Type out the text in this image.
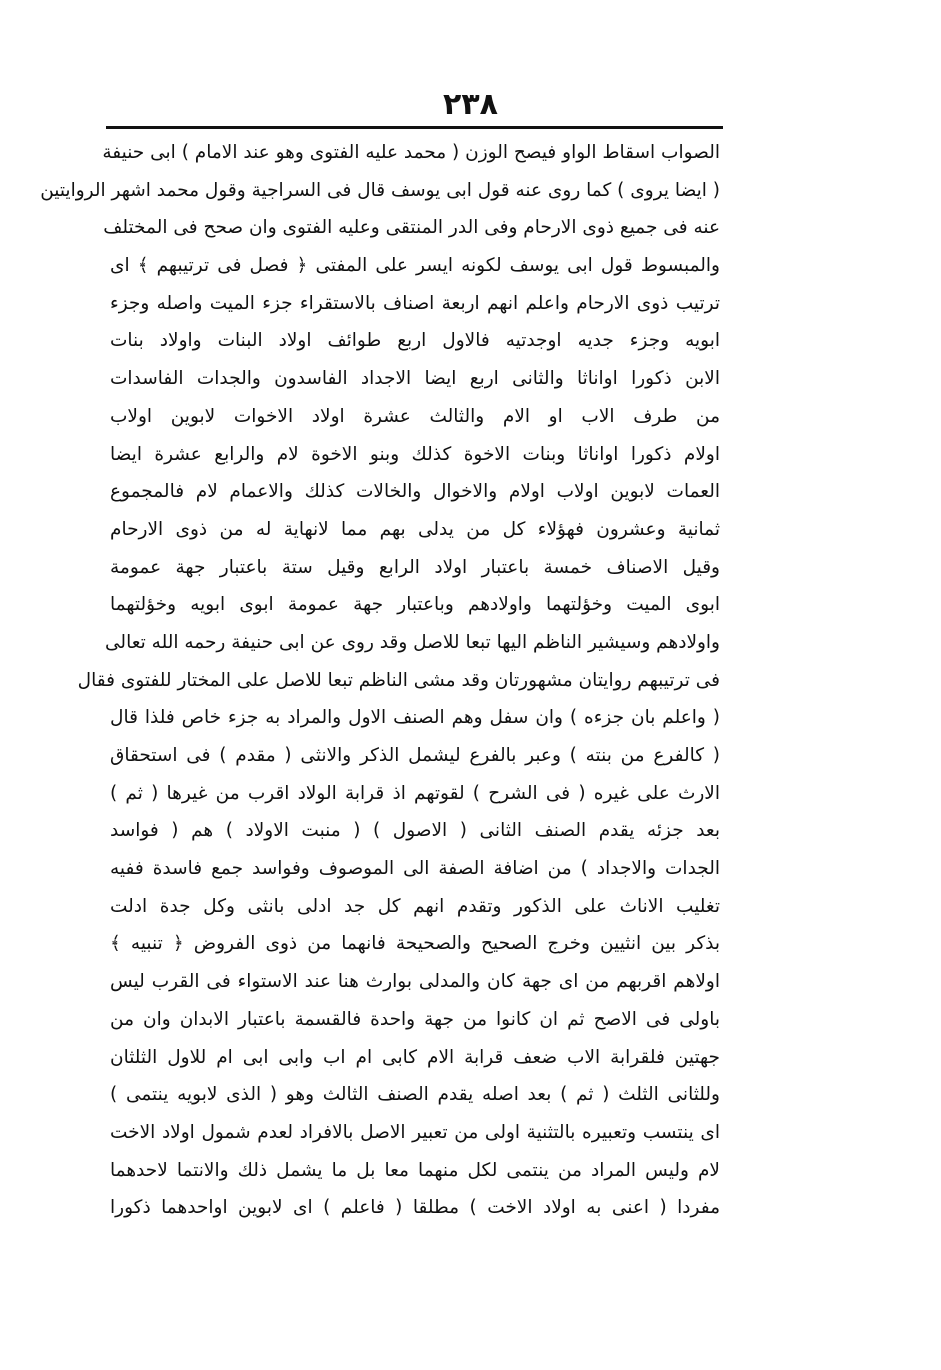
٢٣٨
الصواب اسقاط الواو فيصح الوزن ( محمد عليه الفتوى وهو عند الامام ) ابى حنيفة
( ايضا يروى ) كما روى عنه قول ابى يوسف قال فى السراجية وقول محمد اشهر الروايتين
عنه فى جميع ذوى الارحام وفى الدر المنتقى وعليه الفتوى وان صحح فى المختلف
والمبسوط قول ابى يوسف لكونه ايسر على المفتى ﴿ فصل فى ترتيبهم ﴾ اى
ترتيب ذوى الارحام واعلم انهم اربعة اصناف بالاستقراء جزء الميت واصله وجزء
ابويه وجزء جديه اوجدتيه فالاول اربع طوائف اولاد البنات واولاد بنات
الابن ذكورا اواناثا والثانى اربع ايضا الاجداد الفاسدون والجدات الفاسدات
من طرف الاب او الام والثالث عشرة اولاد الاخوات لابوين اولاب
اولام ذكورا اواناثا وبنات الاخوة كذلك وبنو الاخوة لام والرابع عشرة ايضا
العمات لابوين اولاب اولام والاخوال والخالات كذلك والاعمام لام فالمجموع
ثمانية وعشرون فهؤلاء كل من يدلى بهم مما لانهاية له من ذوى الارحام
وقيل الاصناف خمسة باعتبار اولاد الرابع وقيل ستة باعتبار جهة عمومة
ابوى الميت وخؤلتهما واولادهم وباعتبار جهة عمومة ابوى ابويه وخؤلتهما
واولادهم وسيشير الناظم اليها تبعا للاصل وقد روى عن ابى حنيفة رحمه الله تعالى
فى ترتيبهم روايتان مشهورتان وقد مشى الناظم تبعا للاصل على المختار للفتوى فقال
( واعلم بان جزءه ) وان سفل وهم الصنف الاول والمراد به جزء خاص فلذا قال
( كالفرع من بنته ) وعبر بالفرع ليشمل الذكر والانثى ( مقدم ) فى استحقاق
الارث على غيره ( فى الشرح ) لقوتهم اذ قرابة الولاد اقرب من غيرها ( ثم )
بعد جزئه يقدم الصنف الثانى ( الاصول ) ( منبت الاولاد ) هم ( فواسد
الجدات والاجداد ) من اضافة الصفة الى الموصوف وفواسد جمع فاسدة ففيه
تغليب الاناث على الذكور وتقدم انهم كل جد ادلى بانثى وكل جدة ادلت
بذكر بين انثيين وخرج الصحيح والصحيحة فانهما من ذوى الفروض ﴿ تنبيه ﴾
اولاهم اقربهم من اى جهة كان والمدلى بوارث هنا عند الاستواء فى القرب ليس
باولى فى الاصح ثم ان كانوا من جهة واحدة فالقسمة باعتبار الابدان وان من
جهتين فلقرابة الاب ضعف قرابة الام كابى ام اب وابى ابى ام للاول الثلثان
وللثانى الثلث ( ثم ) بعد اصله يقدم الصنف الثالث وهو ( الذى لابويه ينتمى )
اى ينتسب وتعبيره بالتثنية اولى من تعبير الاصل بالافراد لعدم شمول اولاد الاخت
لام وليس المراد من ينتمى لكل منهما معا بل ما يشمل ذلك والانتما لاحدهما
مفردا ( اعنى به اولاد الاخت ) مطلقا ( فاعلم ) اى لابوين اواحدهما ذكورا
